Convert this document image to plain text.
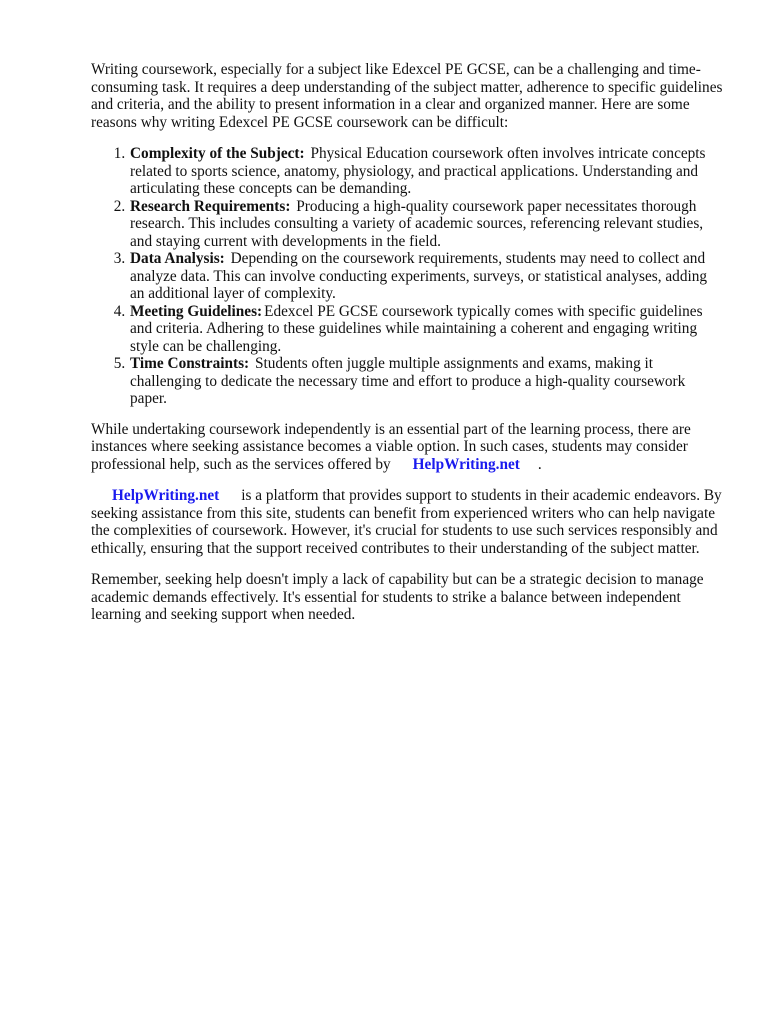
Writing coursework, especially for a subject like Edexcel PE GCSE, can be a challenging and time-consuming task. It requires a deep understanding of the subject matter, adherence to specific guidelines and criteria, and the ability to present information in a clear and organized manner. Here are some reasons why writing Edexcel PE GCSE coursework can be difficult:

1. Complexity of the Subject: Physical Education coursework often involves intricate concepts related to sports science, anatomy, physiology, and practical applications. Understanding and articulating these concepts can be demanding.
2. Research Requirements: Producing a high-quality coursework paper necessitates thorough research. This includes consulting a variety of academic sources, referencing relevant studies, and staying current with developments in the field.
3. Data Analysis: Depending on the coursework requirements, students may need to collect and analyze data. This can involve conducting experiments, surveys, or statistical analyses, adding an additional layer of complexity.
4. Meeting Guidelines: Edexcel PE GCSE coursework typically comes with specific guidelines and criteria. Adhering to these guidelines while maintaining a coherent and engaging writing style can be challenging.
5. Time Constraints: Students often juggle multiple assignments and exams, making it challenging to dedicate the necessary time and effort to produce a high-quality coursework paper.

While undertaking coursework independently is an essential part of the learning process, there are instances where seeking assistance becomes a viable option. In such cases, students may consider professional help, such as the services offered by HelpWriting.net .

HelpWriting.net is a platform that provides support to students in their academic endeavors. By seeking assistance from this site, students can benefit from experienced writers who can help navigate the complexities of coursework. However, it's crucial for students to use such services responsibly and ethically, ensuring that the support received contributes to their understanding of the subject matter.

Remember, seeking help doesn't imply a lack of capability but can be a strategic decision to manage academic demands effectively. It's essential for students to strike a balance between independent learning and seeking support when needed.
